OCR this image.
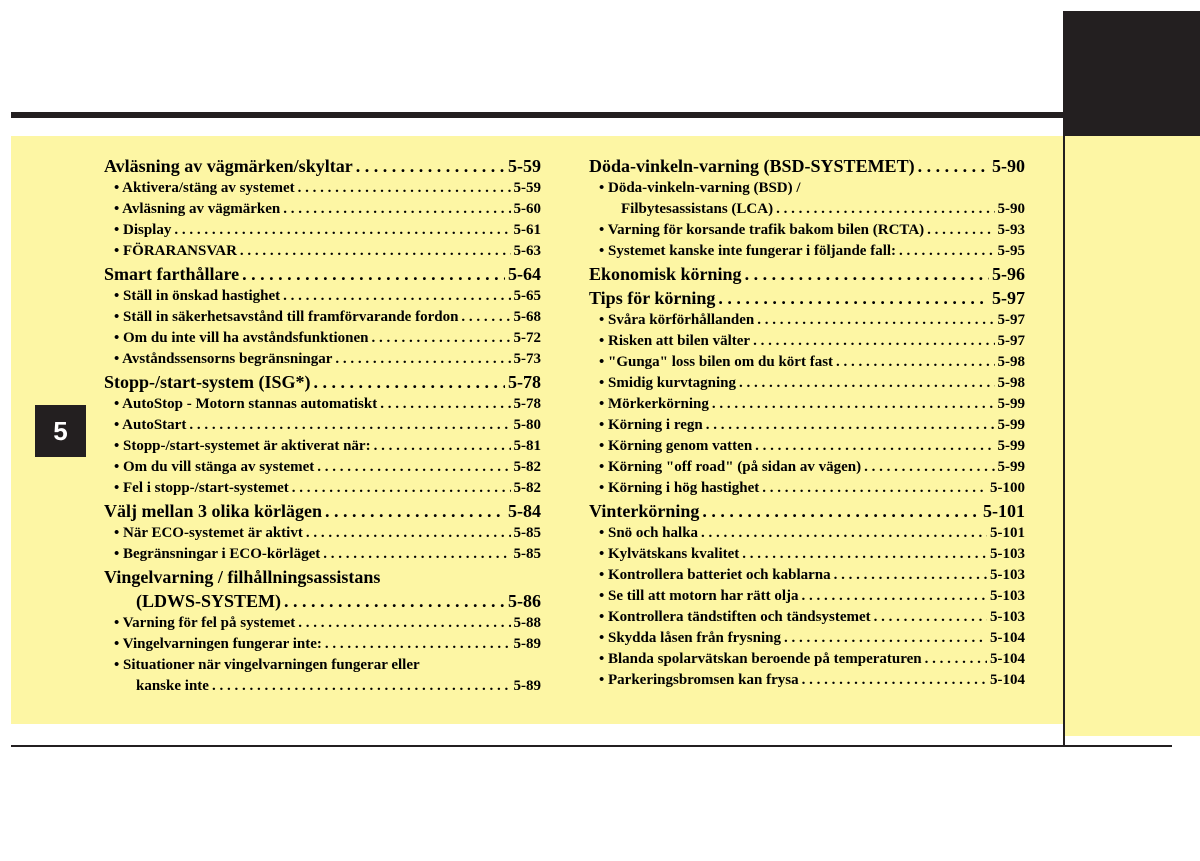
5
Avläsning av vägmärken/skyltar . . .	5-59
• Aktivera/stäng av systemet . . .	5-59
• Avläsning av vägmärken . . .	5-60
• Display . . .	5-61
• FÖRARANSVAR . . .	5-63
Smart farthållare . . .	5-64
• Ställ in önskad hastighet . . .	5-65
• Ställ in säkerhetsavstånd till framförvarande fordon . . .	5-68
• Om du inte vill ha avståndsfunktionen . . .	5-72
• Avståndssensorns begränsningar . . .	5-73
Stopp-/start-system (ISG*) . . .	5-78
• AutoStop - Motorn stannas automatiskt . . .	5-78
• AutoStart . . .	5-80
• Stopp-/start-systemet är aktiverat när: . . .	5-81
• Om du vill stänga av systemet . . .	5-82
• Fel i stopp-/start-systemet . . .	5-82
Välj mellan 3 olika körlägen . . .	5-84
• När ECO-systemet är aktivt . . .	5-85
• Begränsningar i ECO-körläget . . .	5-85
Vingelvarning / filhållningsassistans
(LDWS-SYSTEM) . . .	5-86
• Varning för fel på systemet . . .	5-88
• Vingelvarningen fungerar inte: . . .	5-89
• Situationer när vingelvarningen fungerar eller
kanske inte . . .	5-89
Döda-vinkeln-varning (BSD-SYSTEMET) . . .	5-90
• Döda-vinkeln-varning (BSD) /
Filbytesassistans (LCA) . . .	5-90
• Varning för korsande trafik bakom bilen (RCTA) . . .	5-93
• Systemet kanske inte fungerar i följande fall: . . .	5-95
Ekonomisk körning . . .	5-96
Tips för körning . . .	5-97
• Svåra körförhållanden . . .	5-97
• Risken att bilen välter . . .	5-97
• "Gunga" loss bilen om du kört fast . . .	5-98
• Smidig kurvtagning . . .	5-98
• Mörkerkörning . . .	5-99
• Körning i regn . . .	5-99
• Körning genom vatten . . .	5-99
• Körning "off road" (på sidan av vägen) . . .	5-99
• Körning i hög hastighet . . .	5-100
Vinterkörning . . .	5-101
• Snö och halka . . .	5-101
• Kylvätskans kvalitet . . .	5-103
• Kontrollera batteriet och kablarna . . .	5-103
• Se till att motorn har rätt olja . . .	5-103
• Kontrollera tändstiften och tändsystemet . . .	5-103
• Skydda låsen från frysning . . .	5-104
• Blanda spolarvätskan beroende på temperaturen . . .	5-104
• Parkeringsbromsen kan frysa . . .	5-104
